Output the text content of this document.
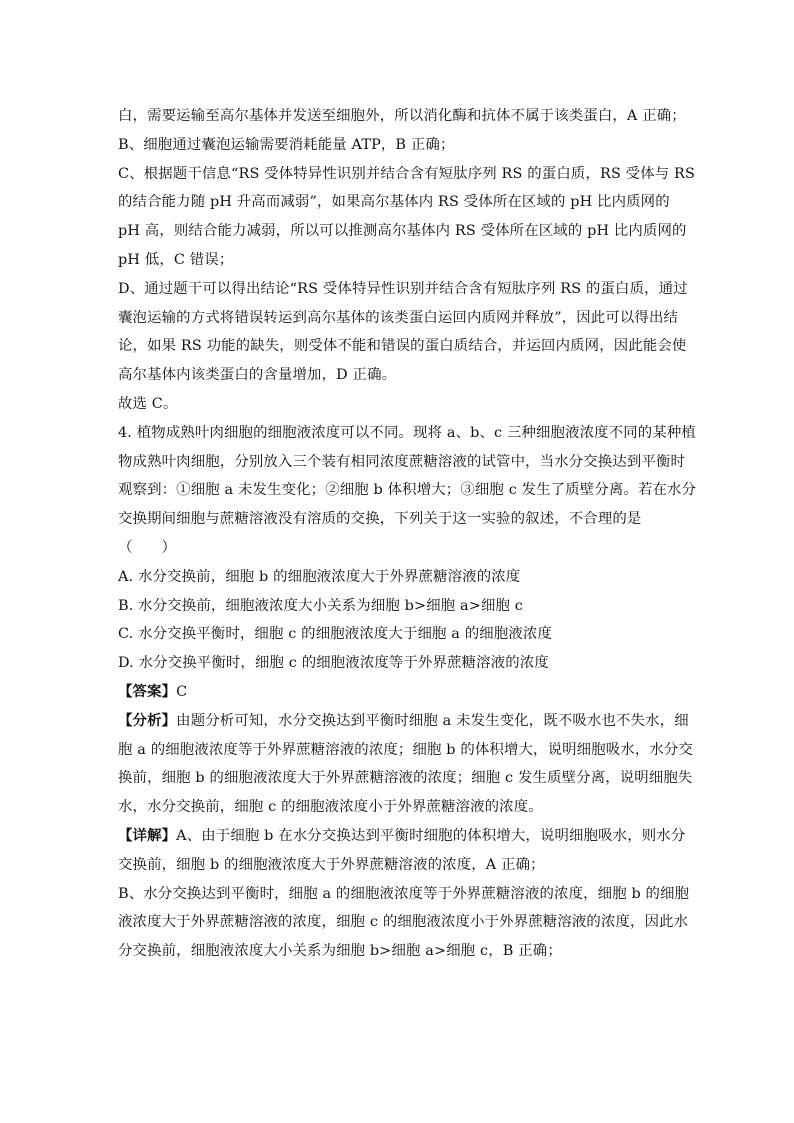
白，需要运输至高尔基体并发送至细胞外，所以消化酶和抗体不属于该类蛋白，A 正确；
B、细胞通过囊泡运输需要消耗能量 ATP，B 正确；
C、根据题干信息“RS 受体特异性识别并结合含有短肽序列 RS 的蛋白质，RS 受体与 RS
的结合能力随 pH 升高而减弱”，如果高尔基体内 RS 受体所在区域的 pH 比内质网的
pH 高，则结合能力减弱，所以可以推测高尔基体内 RS 受体所在区域的 pH 比内质网的
pH 低，C 错误；
D、通过题干可以得出结论“RS 受体特异性识别并结合含有短肽序列 RS 的蛋白质，通过
囊泡运输的方式将错误转运到高尔基体的该类蛋白运回内质网并释放”，因此可以得出结
论，如果 RS 功能的缺失，则受体不能和错误的蛋白质结合，并运回内质网，因此能会使
高尔基体内该类蛋白的含量增加，D 正确。
故选 C。
4. 植物成熟叶肉细胞的细胞液浓度可以不同。现将 a、b、c 三种细胞液浓度不同的某种植
物成熟叶肉细胞，分别放入三个装有相同浓度蔗糖溶液的试管中，当水分交换达到平衡时
观察到：①细胞 a 未发生变化；②细胞 b 体积增大；③细胞 c 发生了质壁分离。若在水分
交换期间细胞与蔗糖溶液没有溶质的交换，下列关于这一实验的叙述，不合理的是
（　　）
A. 水分交换前，细胞 b 的细胞液浓度大于外界蔗糖溶液的浓度
B. 水分交换前，细胞液浓度大小关系为细胞 b>细胞 a>细胞 c
C. 水分交换平衡时，细胞 c 的细胞液浓度大于细胞 a 的细胞液浓度
D. 水分交换平衡时，细胞 c 的细胞液浓度等于外界蔗糖溶液的浓度
【答案】C
【分析】由题分析可知，水分交换达到平衡时细胞 a 未发生变化，既不吸水也不失水，细
胞 a 的细胞液浓度等于外界蔗糖溶液的浓度；细胞 b 的体积增大，说明细胞吸水，水分交
换前，细胞 b 的细胞液浓度大于外界蔗糖溶液的浓度；细胞 c 发生质壁分离，说明细胞失
水，水分交换前，细胞 c 的细胞液浓度小于外界蔗糖溶液的浓度。
【详解】A、由于细胞 b 在水分交换达到平衡时细胞的体积增大，说明细胞吸水，则水分
交换前，细胞 b 的细胞液浓度大于外界蔗糖溶液的浓度，A 正确；
B、水分交换达到平衡时，细胞 a 的细胞液浓度等于外界蔗糖溶液的浓度，细胞 b 的细胞
液浓度大于外界蔗糖溶液的浓度，细胞 c 的细胞液浓度小于外界蔗糖溶液的浓度，因此水
分交换前，细胞液浓度大小关系为细胞 b>细胞 a>细胞 c，B 正确；
